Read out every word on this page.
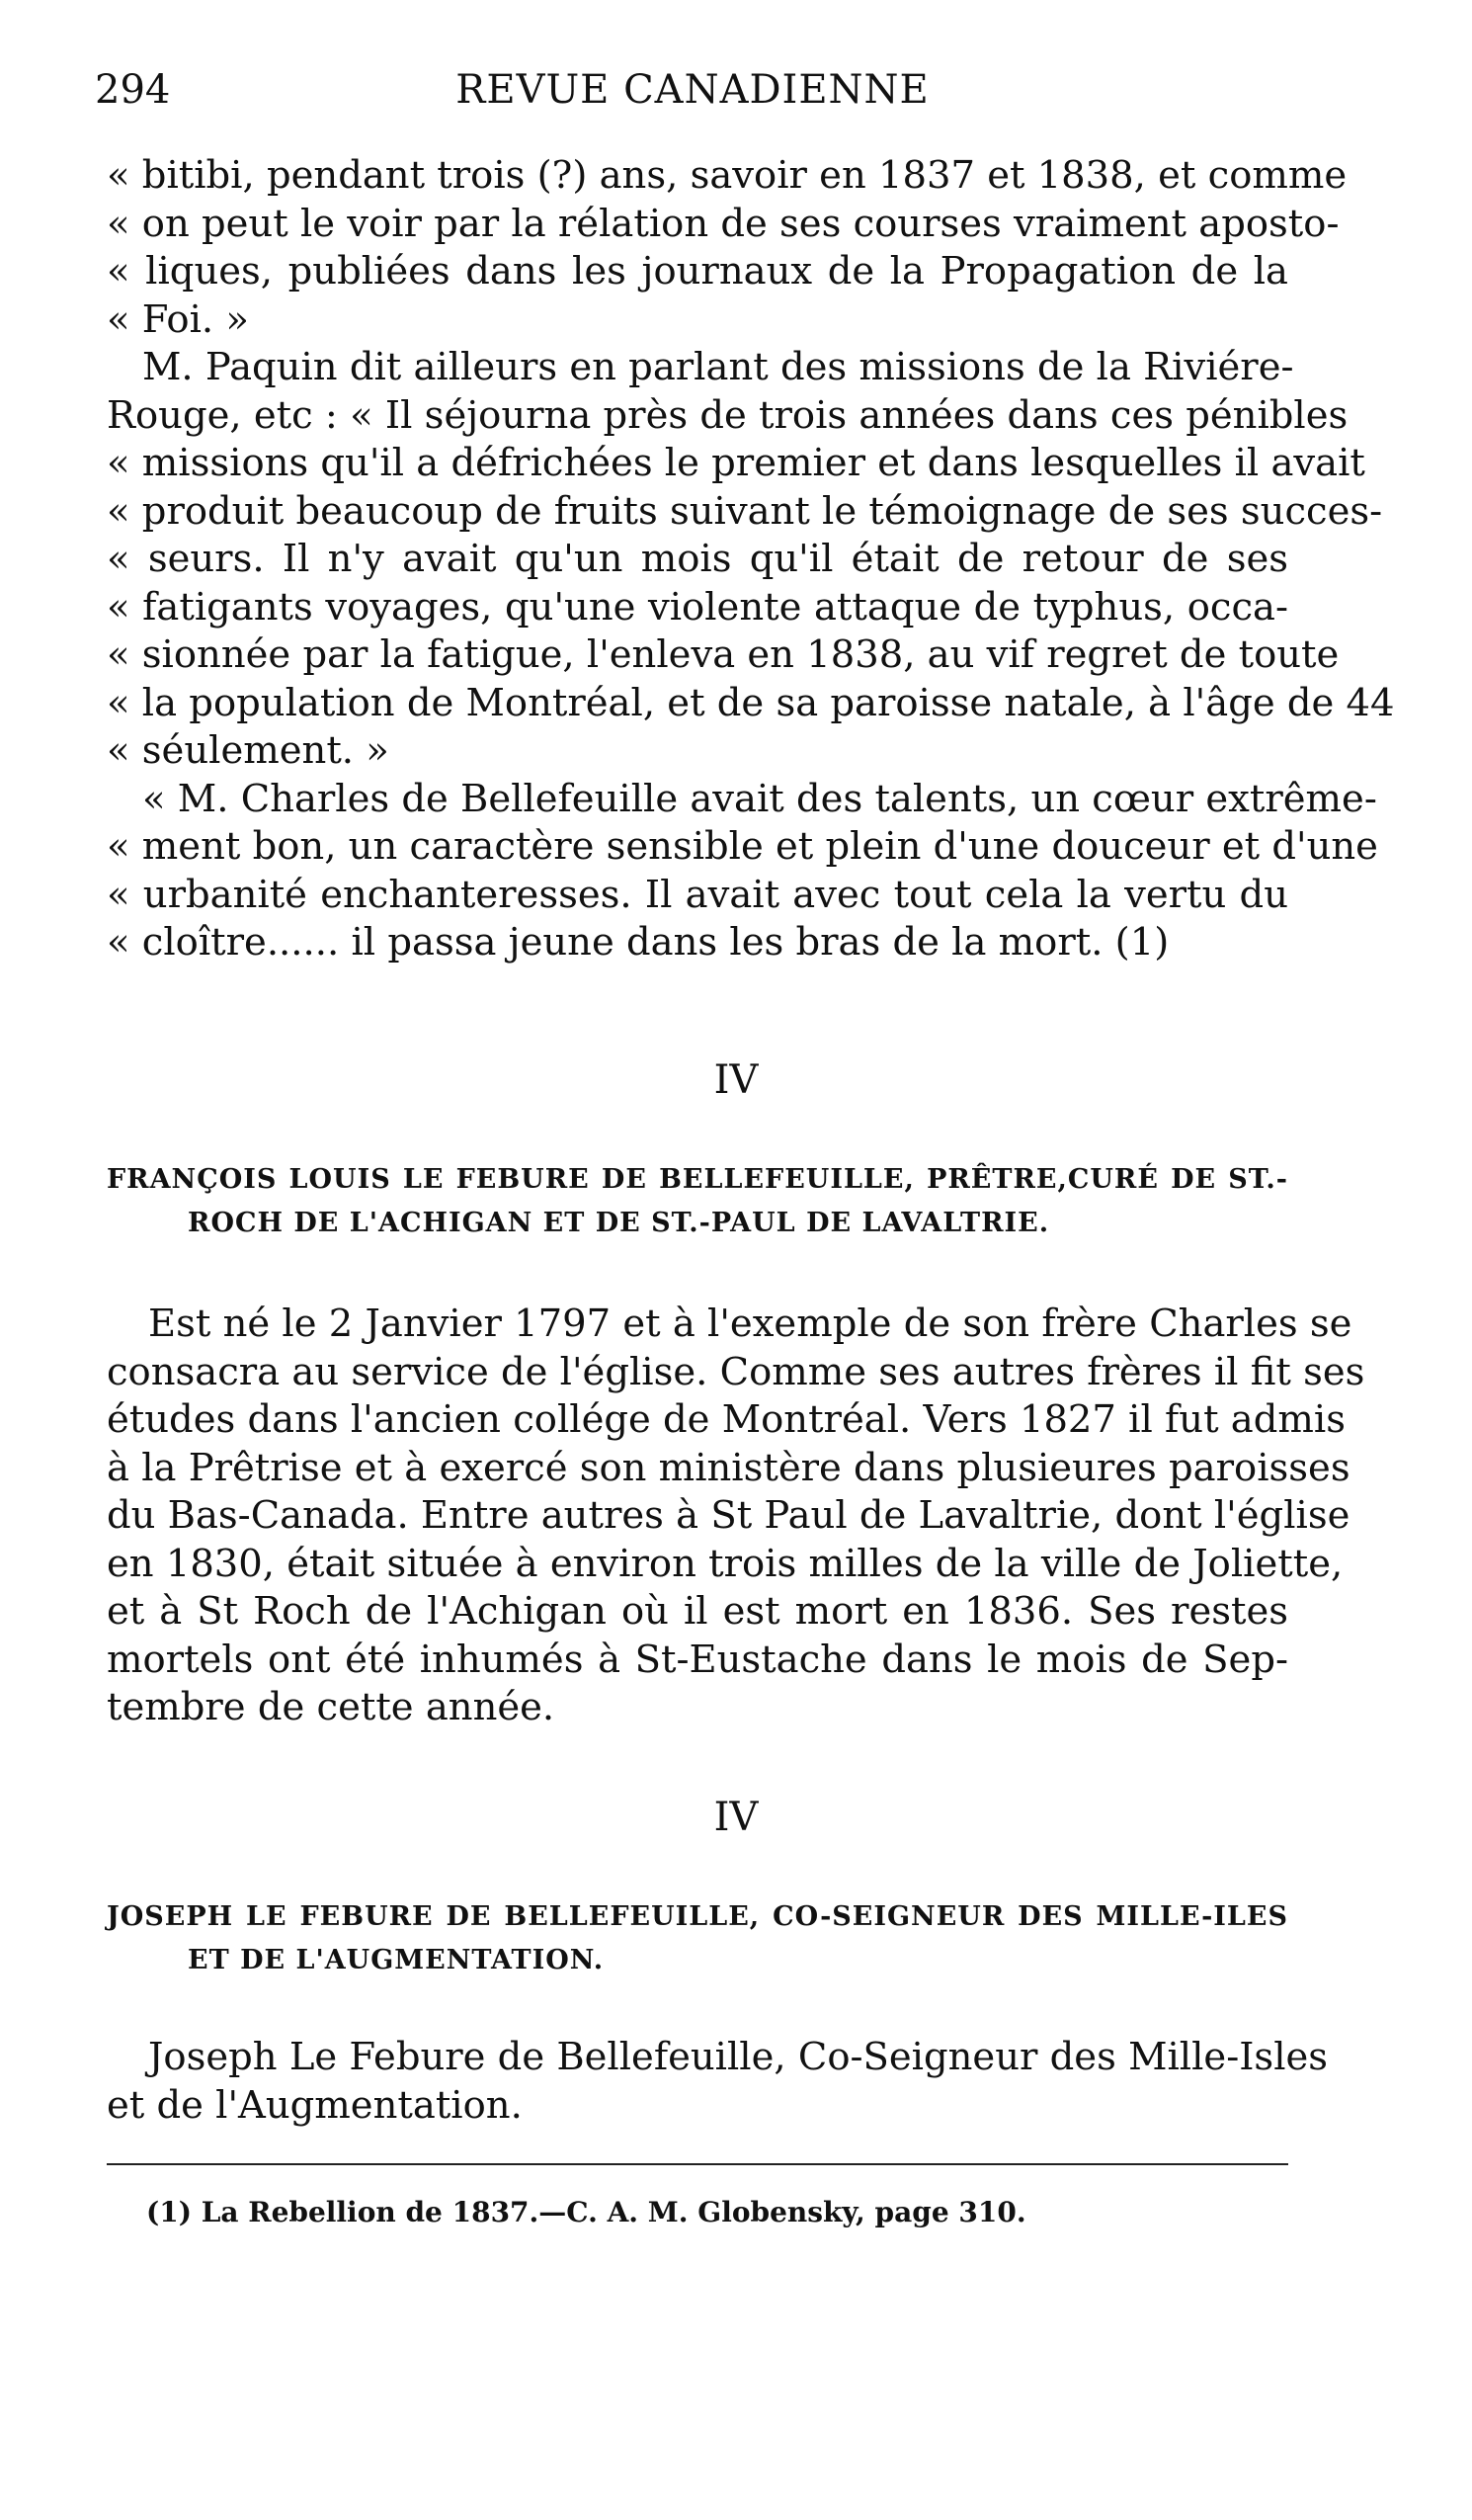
294	REVUE CANADIENNE
« bitibi, pendant trois (?) ans, savoir en 1837 et 1838, et comme
« on peut le voir par la rélation de ses courses vraiment aposto-
« liques, publiées dans les journaux de la Propagation de la
« Foi. »
M. Paquin dit ailleurs en parlant des missions de la Riviére-
Rouge, etc : « Il séjourna près de trois années dans ces pénibles
« missions qu'il a défrichées le premier et dans lesquelles il avait
« produit beaucoup de fruits suivant le témoignage de ses succes-
« seurs. Il n'y avait qu'un mois qu'il était de retour de ses
« fatigants voyages, qu'une violente attaque de typhus, occa-
« sionnée par la fatigue, l'enleva en 1838, au vif regret de toute
« la population de Montréal, et de sa paroisse natale, à l'âge de 44
« séulement. »
« M. Charles de Bellefeuille avait des talents, un cœur extrême-
« ment bon, un caractère sensible et plein d'une douceur et d'une
« urbanité enchanteresses. Il avait avec tout cela la vertu du
« cloître...... il passa jeune dans les bras de la mort. (1)
IV
FRANÇOIS LOUIS LE FEBURE DE BELLEFEUILLE, PRÊTRE,CURÉ DE ST.-
ROCH DE L'ACHIGAN ET DE ST.-PAUL DE LAVALTRIE.
Est né le 2 Janvier 1797 et à l'exemple de son frère Charles se
consacra au service de l'église. Comme ses autres frères il fit ses
études dans l'ancien collége de Montréal. Vers 1827 il fut admis
à la Prêtrise et à exercé son ministère dans plusieures paroisses
du Bas-Canada. Entre autres à St Paul de Lavaltrie, dont l'église
en 1830, était située à environ trois milles de la ville de Joliette,
et à St Roch de l'Achigan où il est mort en 1836. Ses restes
mortels ont été inhumés à St-Eustache dans le mois de Sep-
tembre de cette année.
IV
JOSEPH LE FEBURE DE BELLEFEUILLE, CO-SEIGNEUR DES MILLE-ILES
ET DE L'AUGMENTATION.
Joseph Le Febure de Bellefeuille, Co-Seigneur des Mille-Isles
et de l'Augmentation.
(1) La Rebellion de 1837.—C. A. M. Globensky, page 310.
